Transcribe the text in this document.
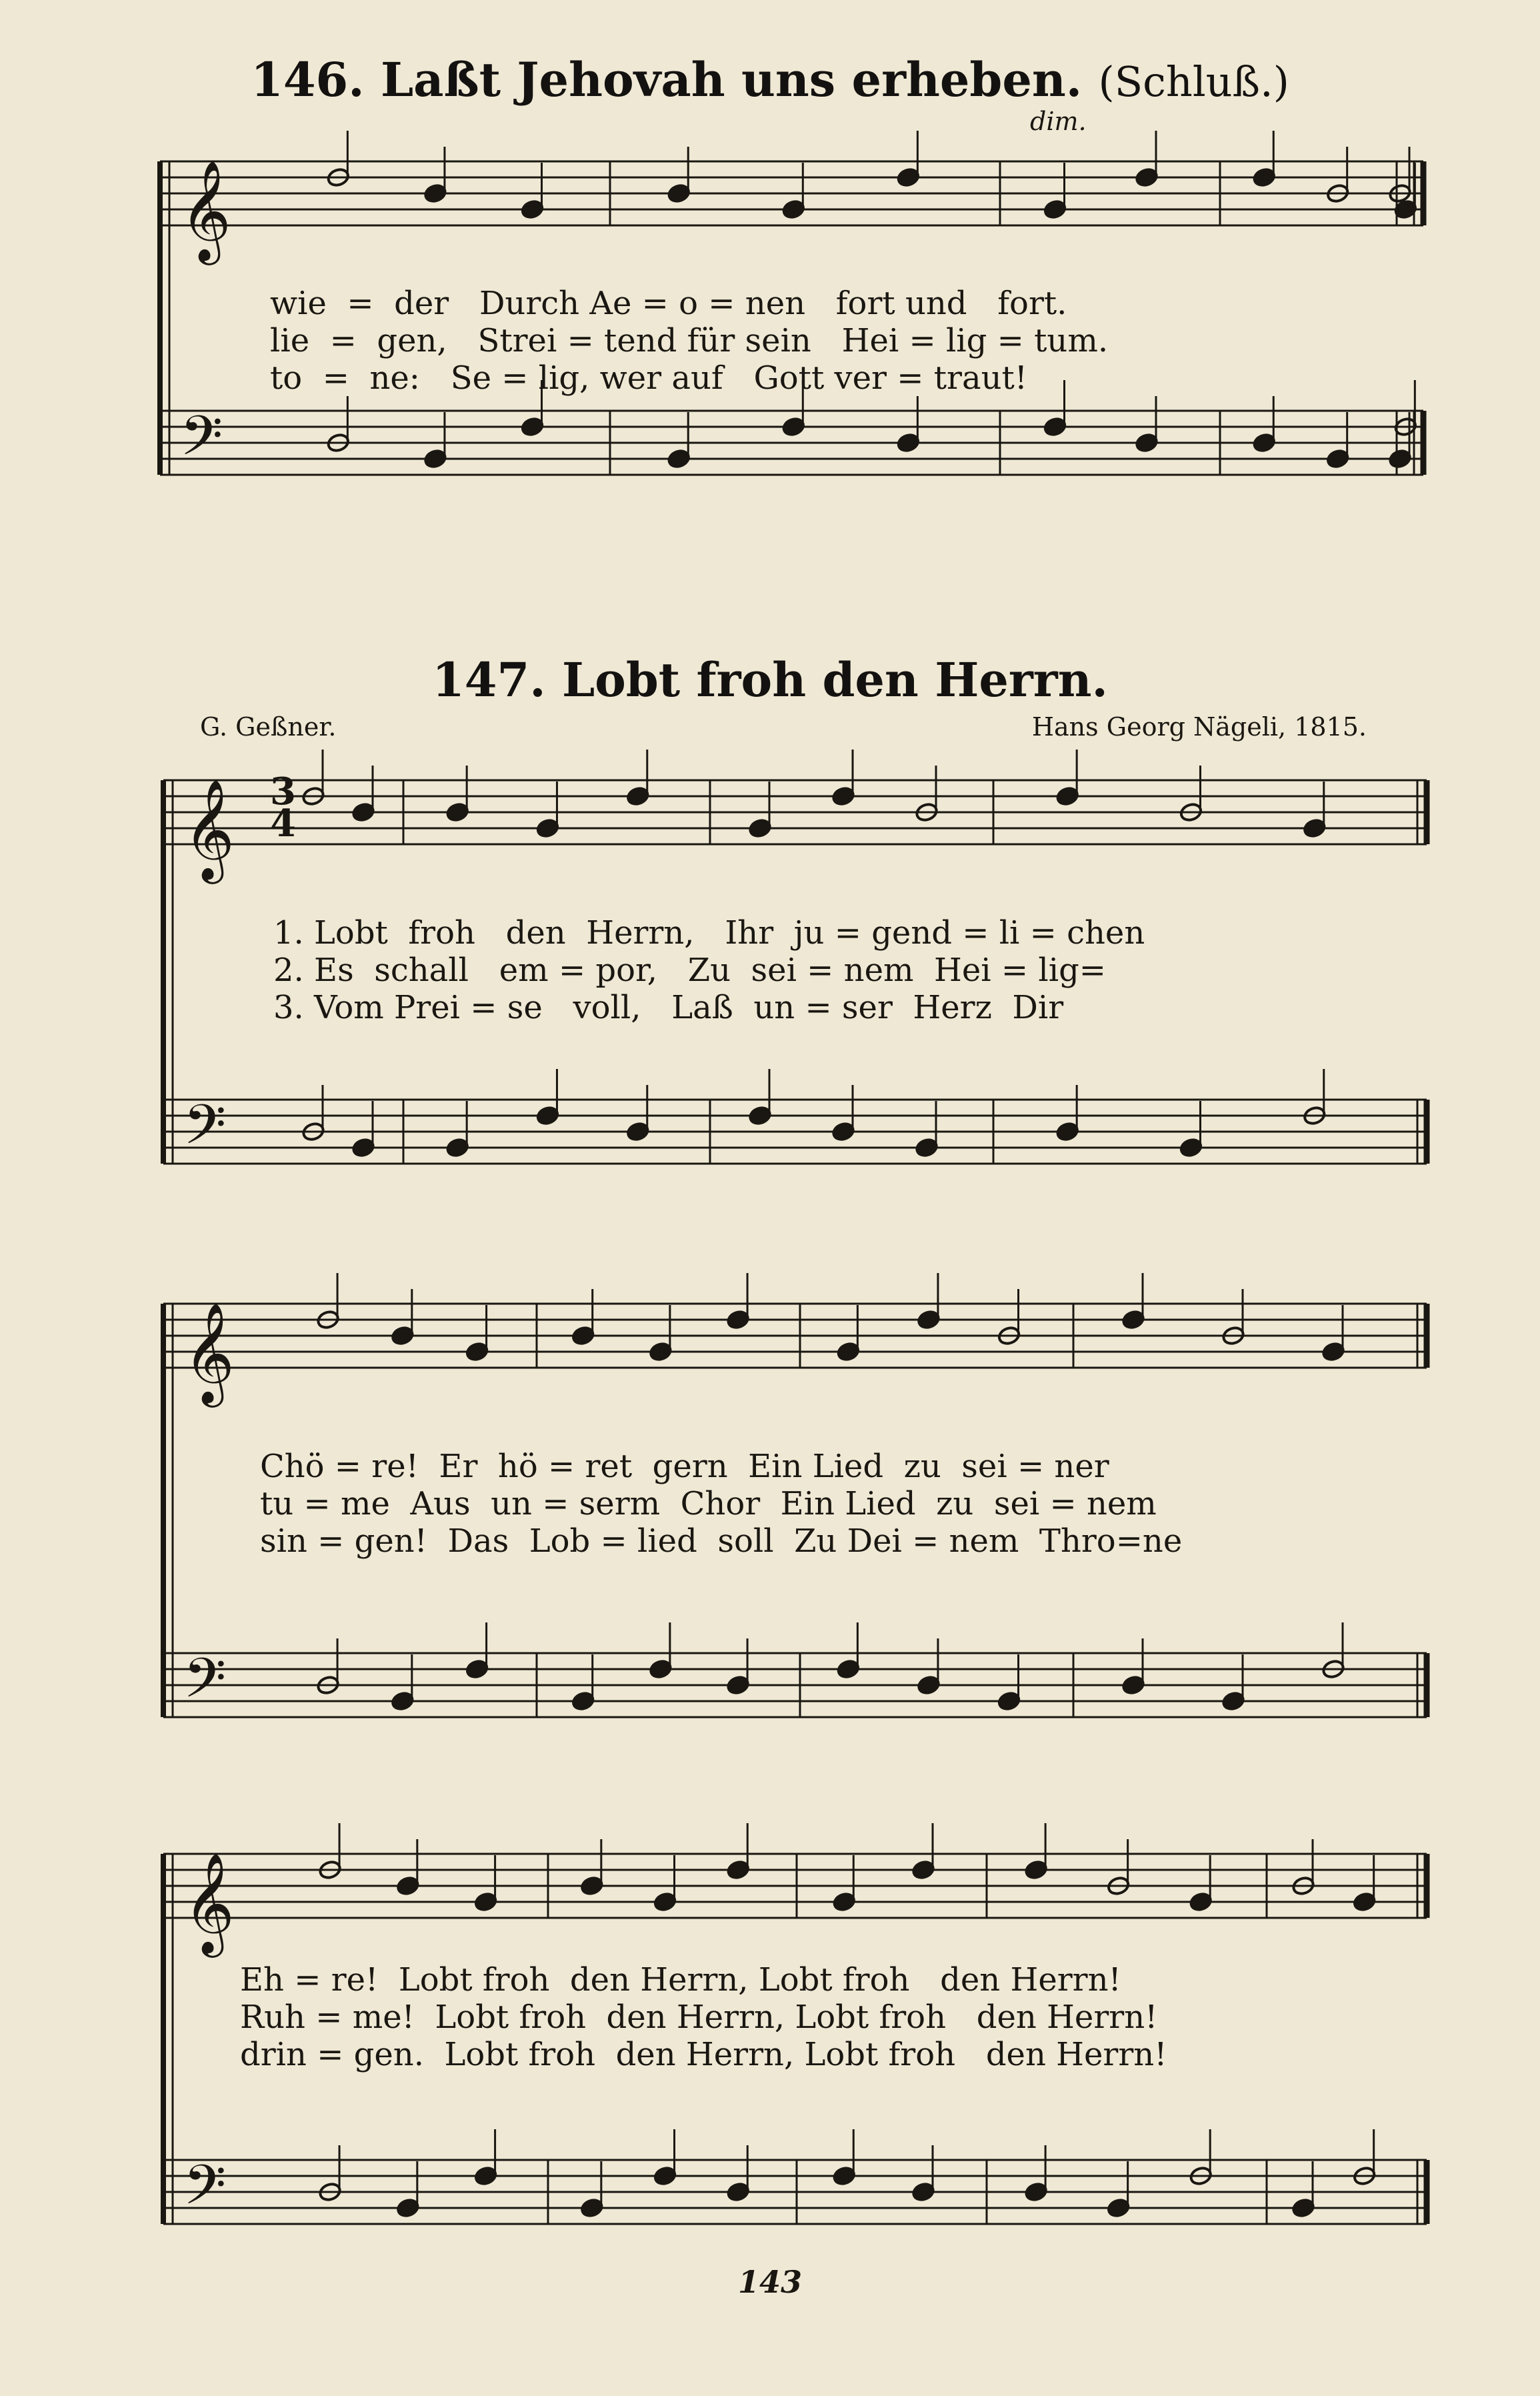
146. Laßt Jehovah uns erheben. (Schluß.)
dim.
wie  =  der   Durch Ae = o = nen   fort und   fort.
lie  =  gen,   Strei = tend für sein   Hei = lig = tum.
to  =  ne:   Se = lig, wer auf   Gott ver = traut!
147. Lobt froh den Herrn.
G. Geßner.	Hans Georg Nägeli, 1815.
1. Lobt  froh   den  Herrn,   Ihr  ju = gend = li = chen
2. Es  schall   em = por,   Zu  sei = nem  Hei = lig=
3. Vom Prei = se   voll,   Laß  un = ser  Herz  Dir
Chö = re!  Er  hö = ret  gern  Ein Lied  zu  sei = ner
tu = me  Aus  un = serm  Chor  Ein Lied  zu  sei = nem
sin = gen!  Das  Lob = lied  soll  Zu Dei = nem  Thro=ne
Eh = re!  Lobt froh  den Herrn, Lobt froh   den Herrn!
Ruh = me!  Lobt froh  den Herrn, Lobt froh   den Herrn!
drin = gen.  Lobt froh  den Herrn, Lobt froh   den Herrn!
143
𝄞
𝄢
𝄞
𝄢
𝄞
𝄢
𝄞
𝄢
3
4
